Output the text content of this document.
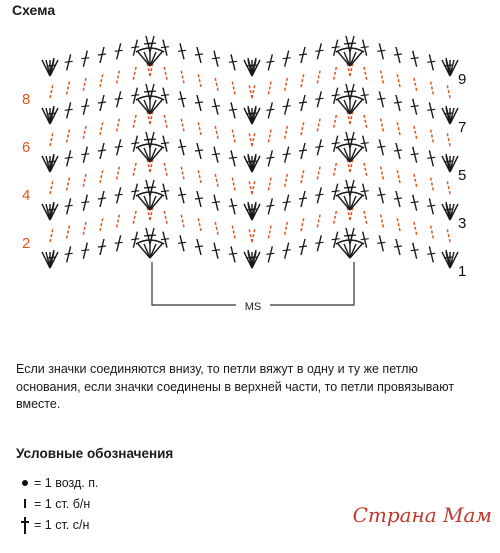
Схема
8
6
4
2
9
7
5
3
1
MS
Если значки соединяются внизу, то петли вяжут в одну и ту же петлю основания, если значки соединены в верхней части, то петли провязывают вместе.
Условные обозначения
= 1 возд. п.
= 1 ст. б/н
= 1 ст. с/н	Страна Мам
